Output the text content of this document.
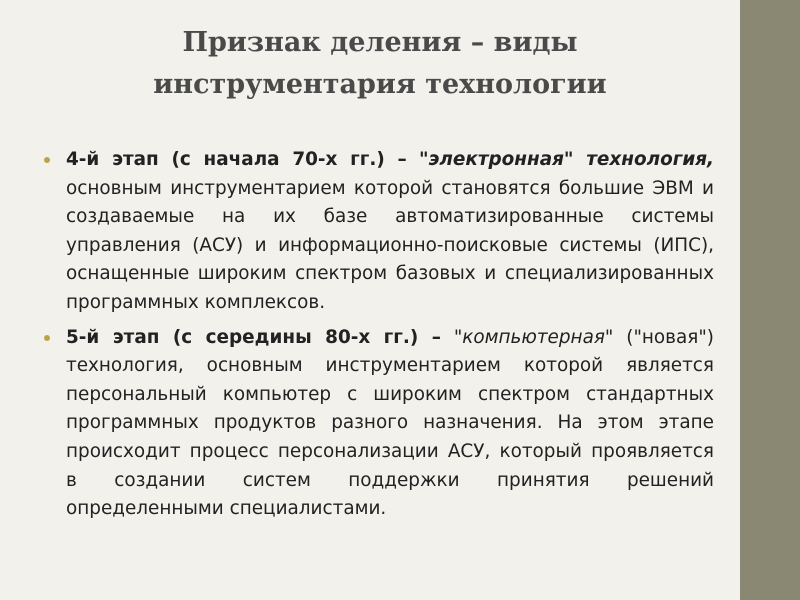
Признак деления – виды
инструментария технологии
4-й этап (с начала 70-х гг.) – "электронная" технология, основным инструментарием которой становятся большие ЭВМ и создаваемые на их базе автоматизированные системы управления (АСУ) и информационно-поисковые системы (ИПС), оснащенные широким спектром базовых и специализированных программных комплексов.
5-й этап (с середины 80-х гг.) – "компьютерная" ("новая") технология, основным инструментарием которой является персональный компьютер с широким спектром стандартных программных продуктов разного назначения. На этом этапе происходит процесс персонализации АСУ, который проявляется в создании систем поддержки принятия решений определенными специалистами.
